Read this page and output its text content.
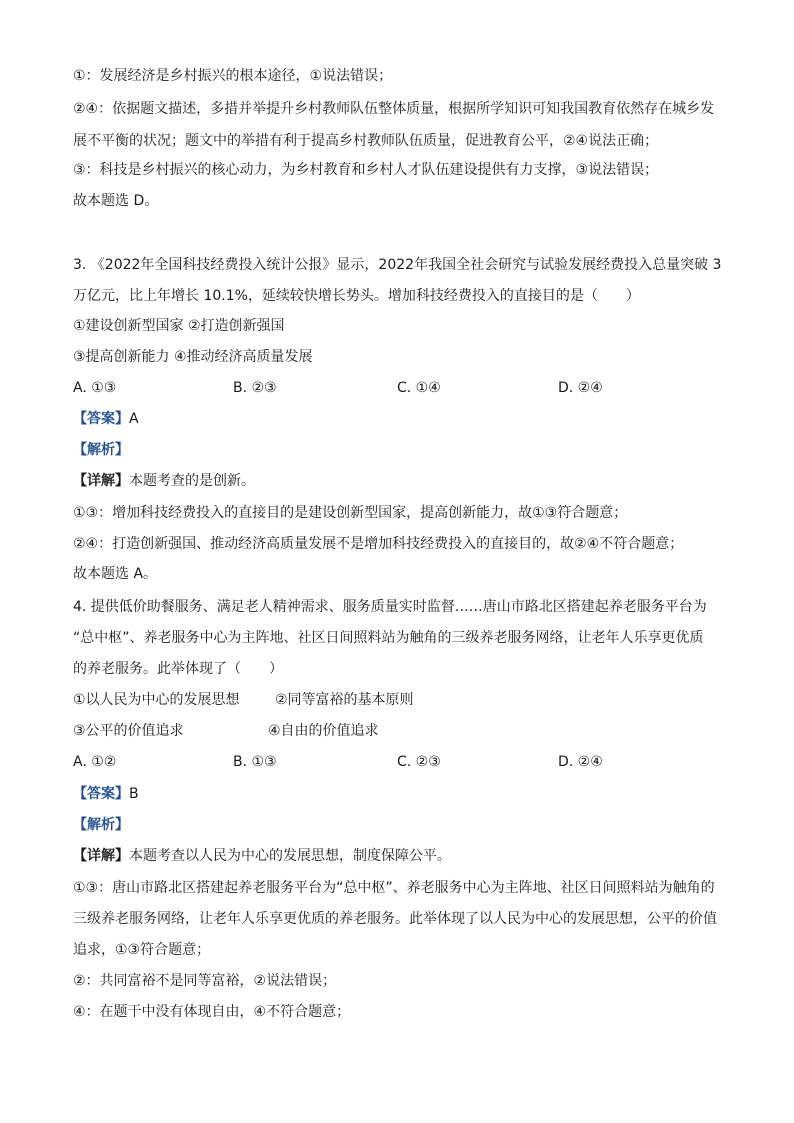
①：发展经济是乡村振兴的根本途径，①说法错误；
②④：依据题文描述，多措并举提升乡村教师队伍整体质量，根据所学知识可知我国教育依然存在城乡发
展不平衡的状况；题文中的举措有利于提高乡村教师队伍质量，促进教育公平，②④说法正确；
③：科技是乡村振兴的核心动力，为乡村教育和乡村人才队伍建设提供有力支撑，③说法错误；
故本题选 D。
3. 《2022年全国科技经费投入统计公报》显示，2022年我国全社会研究与试验发展经费投入总量突破 3
万亿元，比上年增长 10.1%，延续较快增长势头。增加科技经费投入的直接目的是（　　）
①建设创新型国家 ②打造创新强国
③提高创新能力 ④推动经济高质量发展
A. ①③	B. ②③	C. ①④	D. ②④
【答案】A
【解析】
【详解】本题考查的是创新。
①③：增加科技经费投入的直接目的是建设创新型国家，提高创新能力，故①③符合题意；
②④：打造创新强国、推动经济高质量发展不是增加科技经费投入的直接目的，故②④不符合题意；
故本题选 A。
4. 提供低价助餐服务、满足老人精神需求、服务质量实时监督……唐山市路北区搭建起养老服务平台为
“总中枢”、养老服务中心为主阵地、社区日间照料站为触角的三级养老服务网络，让老年人乐享更优质
的养老服务。此举体现了（　　）
①以人民为中心的发展思想	②同等富裕的基本原则
③公平的价值追求	④自由的价值追求
A. ①②	B. ①③	C. ②③	D. ②④
【答案】B
【解析】
【详解】本题考查以人民为中心的发展思想，制度保障公平。
①③：唐山市路北区搭建起养老服务平台为“总中枢”、养老服务中心为主阵地、社区日间照料站为触角的
三级养老服务网络，让老年人乐享更优质的养老服务。此举体现了以人民为中心的发展思想，公平的价值
追求，①③符合题意；
②：共同富裕不是同等富裕，②说法错误；
④：在题干中没有体现自由，④不符合题意；
